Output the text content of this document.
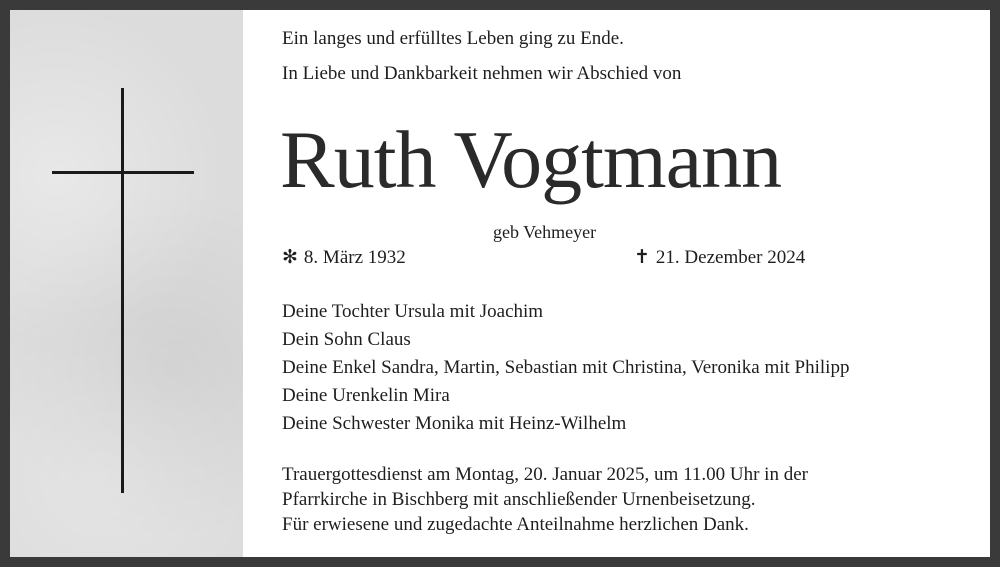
Ein langes und erfülltes Leben ging zu Ende.
In Liebe und Dankbarkeit nehmen wir Abschied von
Ruth Vogtmann
geb Vehmeyer
✻ 8. März 1932	✝ 21. Dezember 2024
Deine Tochter Ursula mit Joachim
Dein Sohn Claus
Deine Enkel Sandra, Martin, Sebastian mit Christina, Veronika mit Philipp
Deine Urenkelin Mira
Deine Schwester Monika mit Heinz-Wilhelm
Trauergottesdienst am Montag, 20. Januar 2025, um 11.00 Uhr in der
Pfarrkirche in Bischberg mit anschließender Urnenbeisetzung.
Für erwiesene und zugedachte Anteilnahme herzlichen Dank.
